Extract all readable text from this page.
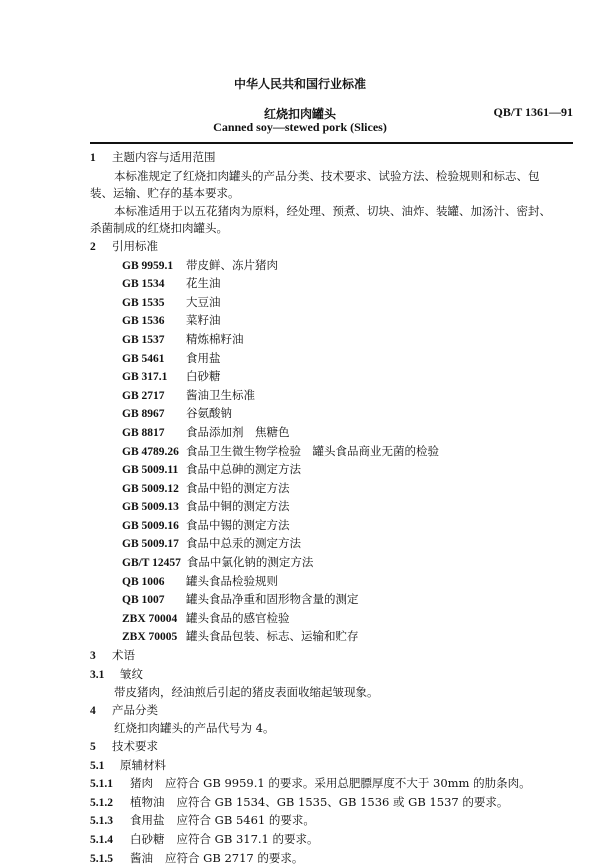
中华人民共和国行业标准
红烧扣肉罐头	QB/T 1361—91
Canned soy—stewed pork (Slices)
1 主题内容与适用范围
本标准规定了红烧扣肉罐头的产品分类、技术要求、试验方法、检验规则和标志、包
装、运输、贮存的基本要求。
本标准适用于以五花猪肉为原料，经处理、预煮、切块、油炸、装罐、加汤汁、密封、
杀菌制成的红烧扣肉罐头。
2 引用标准
GB 9959.1 带皮鲜、冻片猪肉
GB 1534 花生油
GB 1535 大豆油
GB 1536 菜籽油
GB 1537 精炼棉籽油
GB 5461 食用盐
GB 317.1 白砂糖
GB 2717 酱油卫生标准
GB 8967 谷氨酸钠
GB 8817 食品添加剂　焦糖色
GB 4789.26 食品卫生微生物学检验　罐头食品商业无菌的检验
GB 5009.11 食品中总砷的测定方法
GB 5009.12 食品中铅的测定方法
GB 5009.13 食品中铜的测定方法
GB 5009.16 食品中锡的测定方法
GB 5009.17 食品中总汞的测定方法
GB/T 12457 食品中氯化钠的测定方法
QB 1006 罐头食品检验规则
QB 1007 罐头食品净重和固形物含量的测定
ZBX 70004 罐头食品的感官检验
ZBX 70005 罐头食品包装、标志、运输和贮存
3 术语
3.1 皱纹
带皮猪肉，经油煎后引起的猪皮表面收缩起皱现象。
4 产品分类
红烧扣肉罐头的产品代号为 4。
5 技术要求
5.1 原辅材料
5.1.1 猪肉 应符合 GB 9959.1 的要求。采用总肥膘厚度不大于 30mm 的肋条肉。
5.1.2 植物油 应符合 GB 1534、GB 1535、GB 1536 或 GB 1537 的要求。
5.1.3 食用盐 应符合 GB 5461 的要求。
5.1.4 白砂糖 应符合 GB 317.1 的要求。
5.1.5 酱油 应符合 GB 2717 的要求。
